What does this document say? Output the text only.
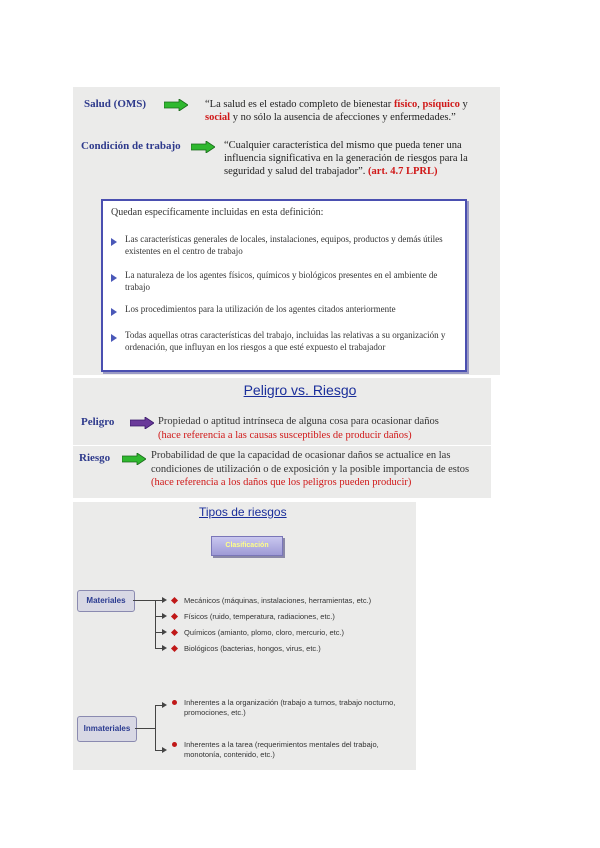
Salud (OMS)	“La salud es el estado completo de bienestar físico, psíquico y social y no sólo la ausencia de afecciones y enfermedades.”
Condición de trabajo	“Cualquier característica del mismo que pueda tener una influencia significativa en la generación de riesgos para la seguridad y salud del trabajador”. (art. 4.7 LPRL)
Quedan específicamente incluidas en esta definición:
Las características generales de locales, instalaciones, equipos, productos y demás útiles existentes en el centro de trabajo
La naturaleza de los agentes físicos, químicos y biológicos presentes en el ambiente de trabajo
Los procedimientos para la utilización de los agentes citados anteriormente
Todas aquellas otras características del trabajo, incluidas las relativas a su organización y ordenación, que influyan en los riesgos a que esté expuesto el trabajador
Peligro vs. Riesgo
Peligro	Propiedad o aptitud intrínseca de alguna cosa para ocasionar daños
(hace referencia a las causas susceptibles de producir daños)
Riesgo	Probabilidad de que la capacidad de ocasionar daños se actualice en las condiciones de utilización o de exposición y la posible importancia de estos (hace referencia a los daños que los peligros pueden producir)
Tipos de riesgos
Clasificación
Materiales	Mecánicos (máquinas, instalaciones, herramientas, etc.)
Físicos (ruido, temperatura, radiaciones, etc.)
Químicos (amianto, plomo, cloro, mercurio, etc.)
Biológicos (bacterias, hongos, virus, etc.)
Inmateriales
Inherentes a la organización (trabajo a turnos, trabajo nocturno, promociones, etc.)
Inherentes a la tarea (requerimientos mentales del trabajo, monotonía, contenido, etc.)
